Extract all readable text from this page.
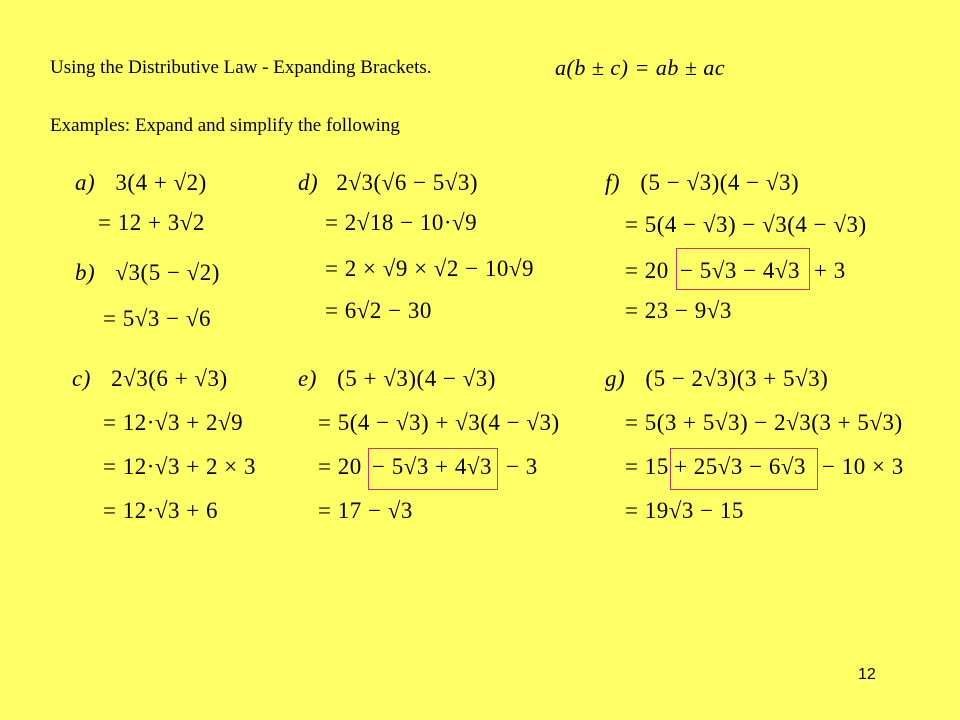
Using the Distributive Law - Expanding Brackets.	a(b ± c) = ab ± ac
Examples: Expand and simplify the following
a) 3(4 + √2)
= 12 + 3√2
b) √3(5 − √2)
= 5√3 − √6
c) 2√3(6 + √3)
= 12·√3 + 2√9
= 12·√3 + 2 × 3
= 12·√3 + 6
d) 2√3(√6 − 5√3)
= 2√18 − 10·√9
= 2 × √9 × √2 − 10√9
= 6√2 − 30
e) (5 + √3)(4 − √3)
= 5(4 − √3) + √3(4 − √3)
= 20 − 5√3 + 4√3 − 3
= 17 − √3
f) (5 − √3)(4 − √3)
= 5(4 − √3) − √3(4 − √3)
= 20 − 5√3 − 4√3 + 3
= 23 − 9√3
g) (5 − 2√3)(3 + 5√3)
= 5(3 + 5√3) − 2√3(3 + 5√3)
= 15 + 25√3 − 6√3 − 10 × 3
= 19√3 − 15
12
